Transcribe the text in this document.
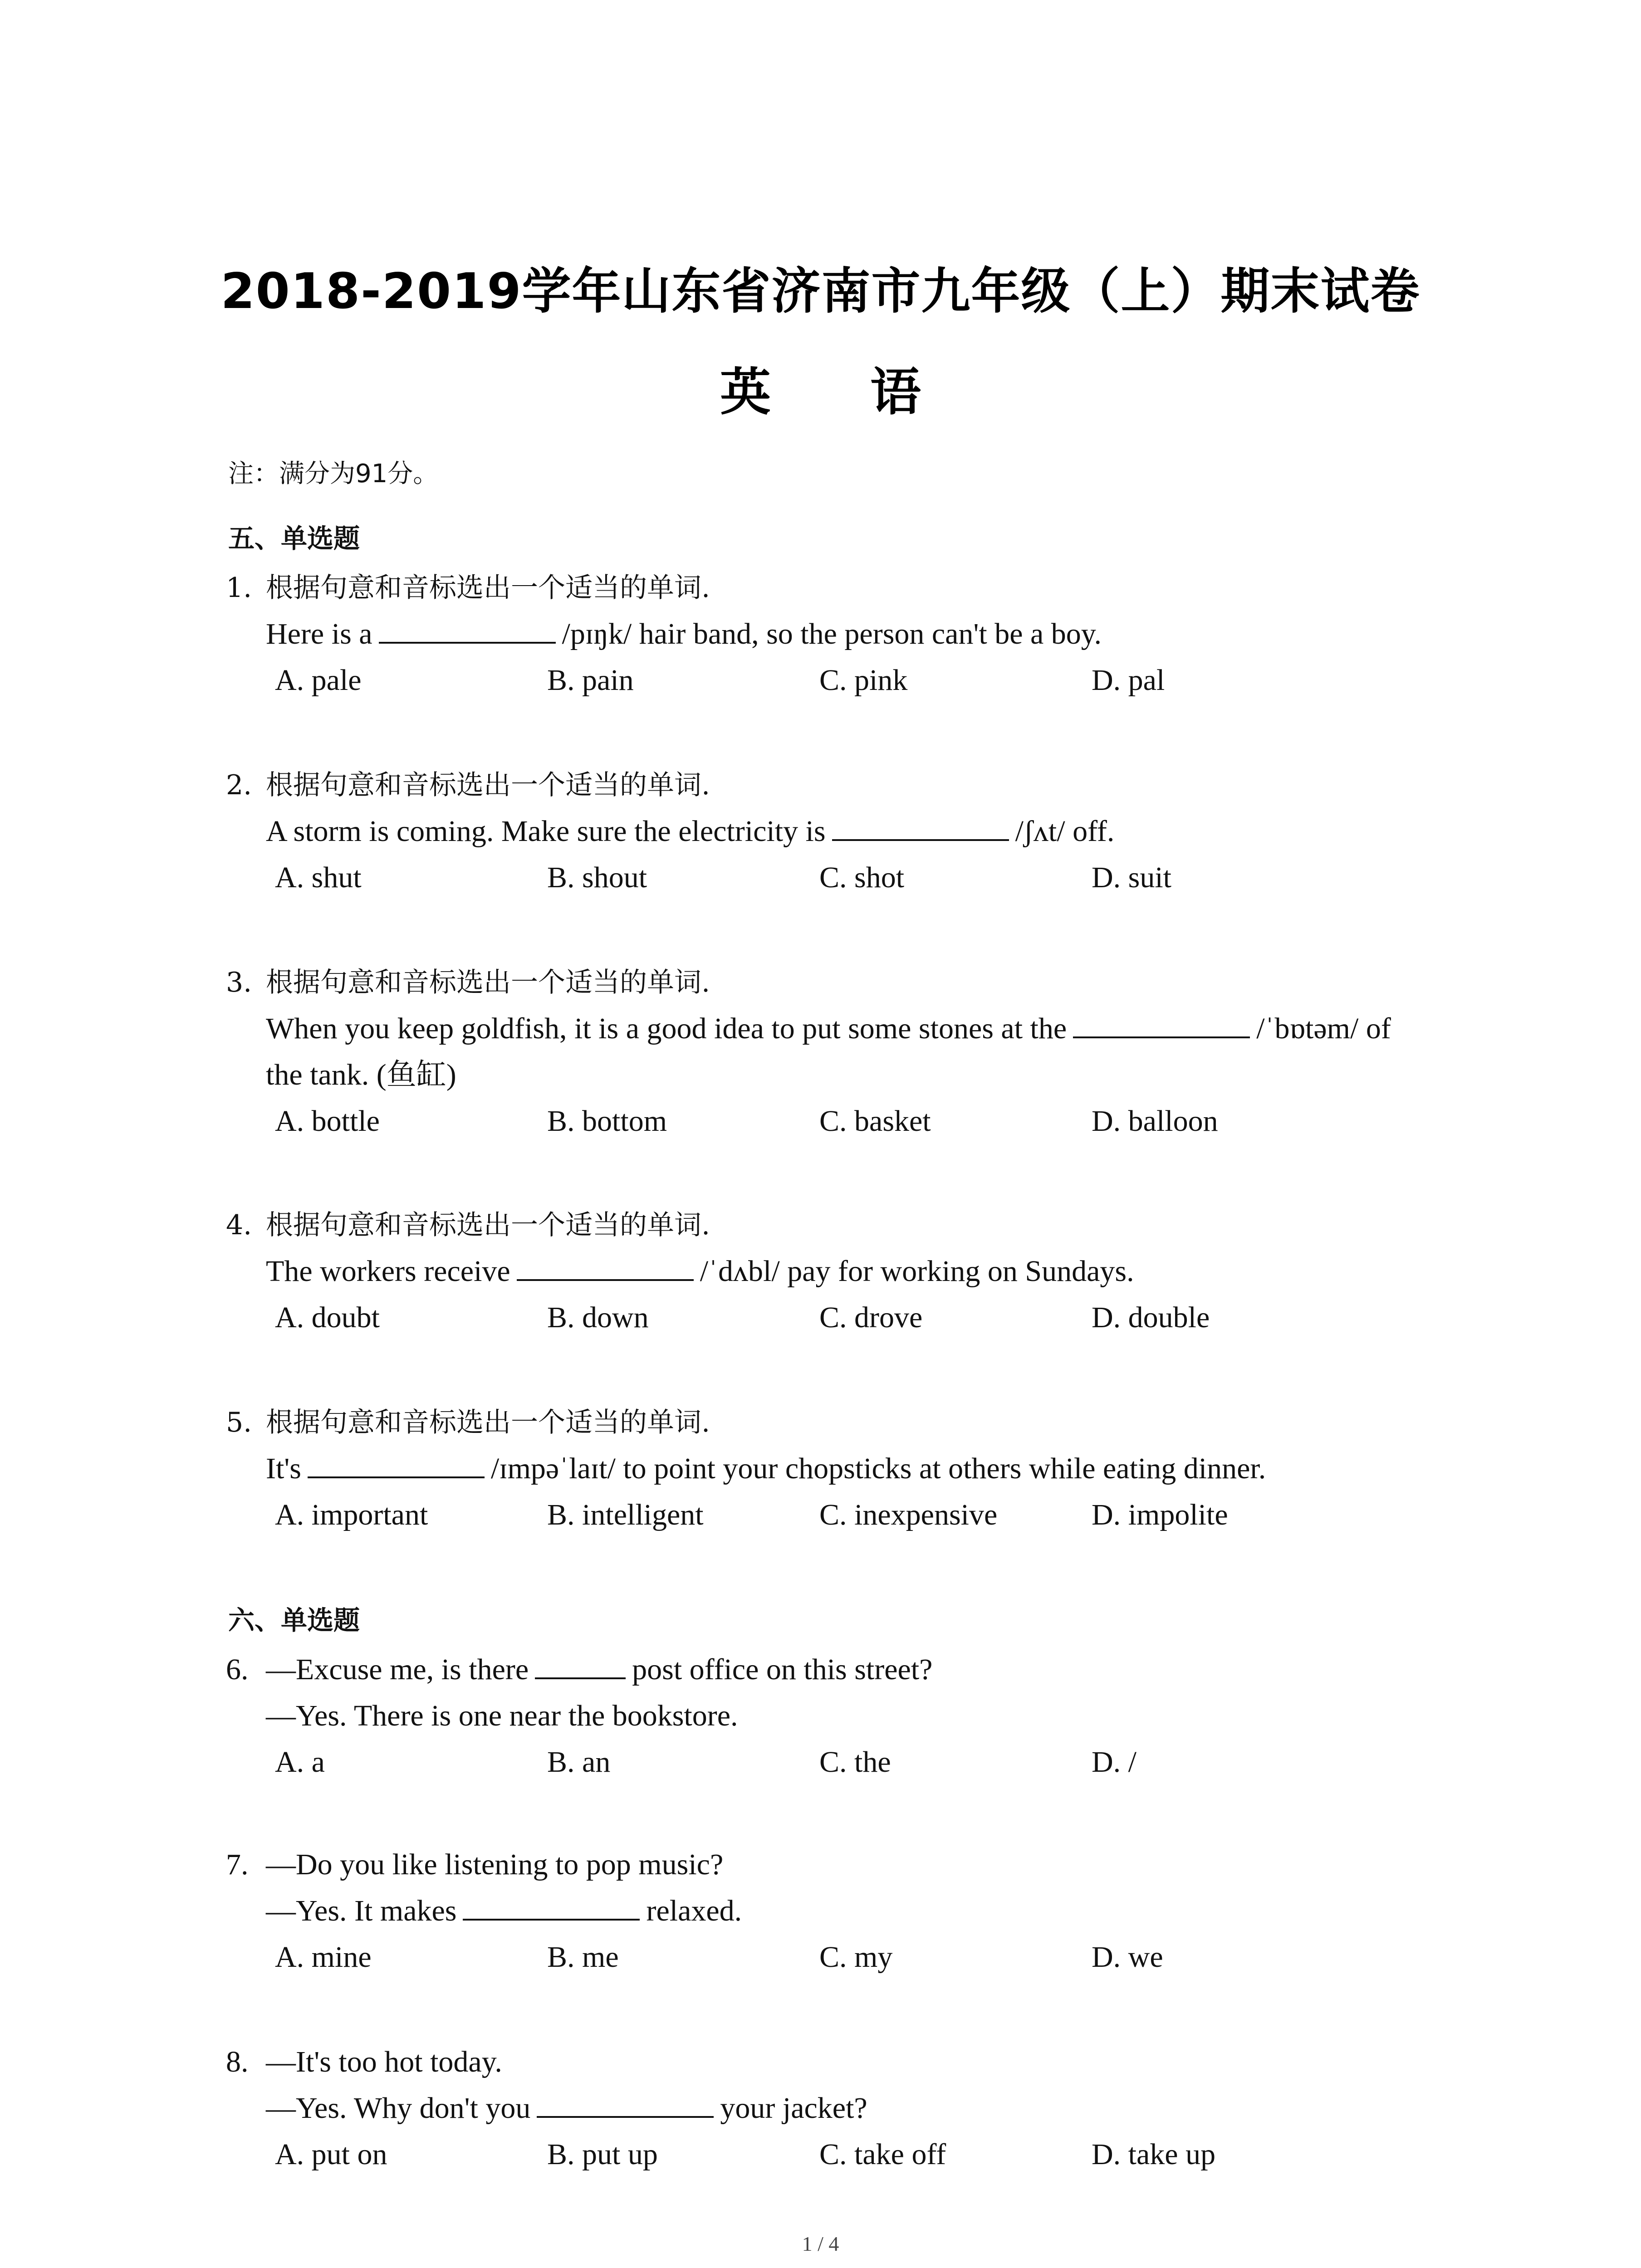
2018-2019学年山东省济南市九年级（上）期末试卷
英 语
注：满分为91分。
五、单选题
1. 根据句意和音标选出一个适当的单词.
Here is a	/pɪŋk/ hair band, so the person can't be a boy.
A. pale	B. pain	C. pink	D. pal
2. 根据句意和音标选出一个适当的单词.
A storm is coming. Make sure the electricity is	/ʃʌt/ off.
A. shut	B. shout	C. shot	D. suit
3. 根据句意和音标选出一个适当的单词.
When you keep goldfish, it is a good idea to put some stones at the	/ˈbɒtəm/ of
the tank. (鱼缸)
A. bottle	B. bottom	C. basket	D. balloon
4. 根据句意和音标选出一个适当的单词.
The workers receive	/ˈdʌbl/ pay for working on Sundays.
A. doubt	B. down	C. drove	D. double
5. 根据句意和音标选出一个适当的单词.
It's	/ɪmpəˈlaɪt/ to point your chopsticks at others while eating dinner.
A. important	B. intelligent	C. inexpensive	D. impolite
六、单选题
6. —Excuse me, is there	post office on this street?
—Yes. There is one near the bookstore.
A. a	B. an	C. the	D. /
7. —Do you like listening to pop music?
—Yes. It makes	relaxed.
A. mine	B. me	C. my	D. we
8. —It's too hot today.
—Yes. Why don't you	your jacket?
A. put on	B. put up	C. take off	D. take up
1 / 4
